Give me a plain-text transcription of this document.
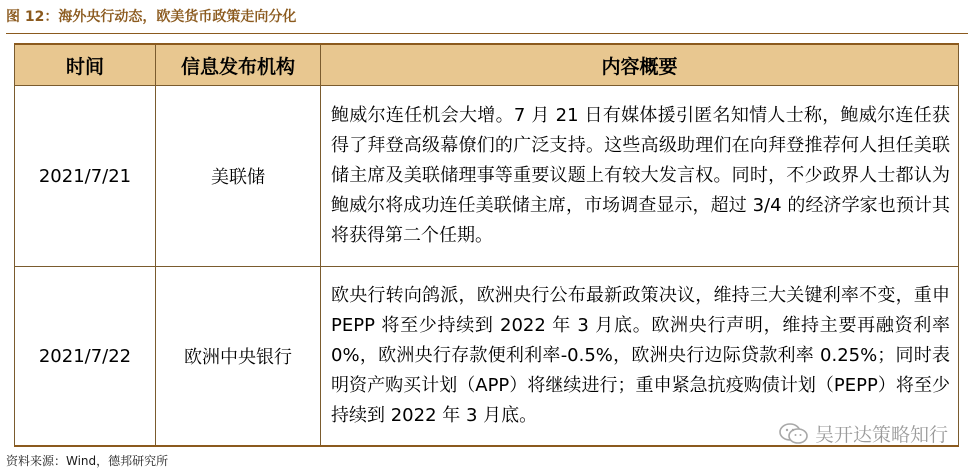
图 12：海外央行动态，欧美货币政策走向分化
时间	信息发布机构	内容概要
2021/7/21	美联储	鲍威尔连任机会大增。7 月 21 日有媒体援引匿名知情人士称，鲍威尔连任获得了拜登高级幕僚们的广泛支持。这些高级助理们在向拜登推荐何人担任美联储主席及美联储理事等重要议题上有较大发言权。同时，不少政界人士都认为鲍威尔将成功连任美联储主席，市场调查显示，超过 3/4 的经济学家也预计其将获得第二个任期。
2021/7/22	欧洲中央银行	欧央行转向鸽派，欧洲央行公布最新政策决议，维持三大关键利率不变，重申 PEPP 将至少持续到 2022 年 3 月底。欧洲央行声明，维持主要再融资利率 0%，欧洲央行存款便利利率-0.5%，欧洲央行边际贷款利率 0.25%；同时表明资产购买计划（APP）将继续进行；重申紧急抗疫购债计划（PEPP）将至少持续到 2022 年 3 月底。
资料来源：Wind，德邦研究所
吴开达策略知行
